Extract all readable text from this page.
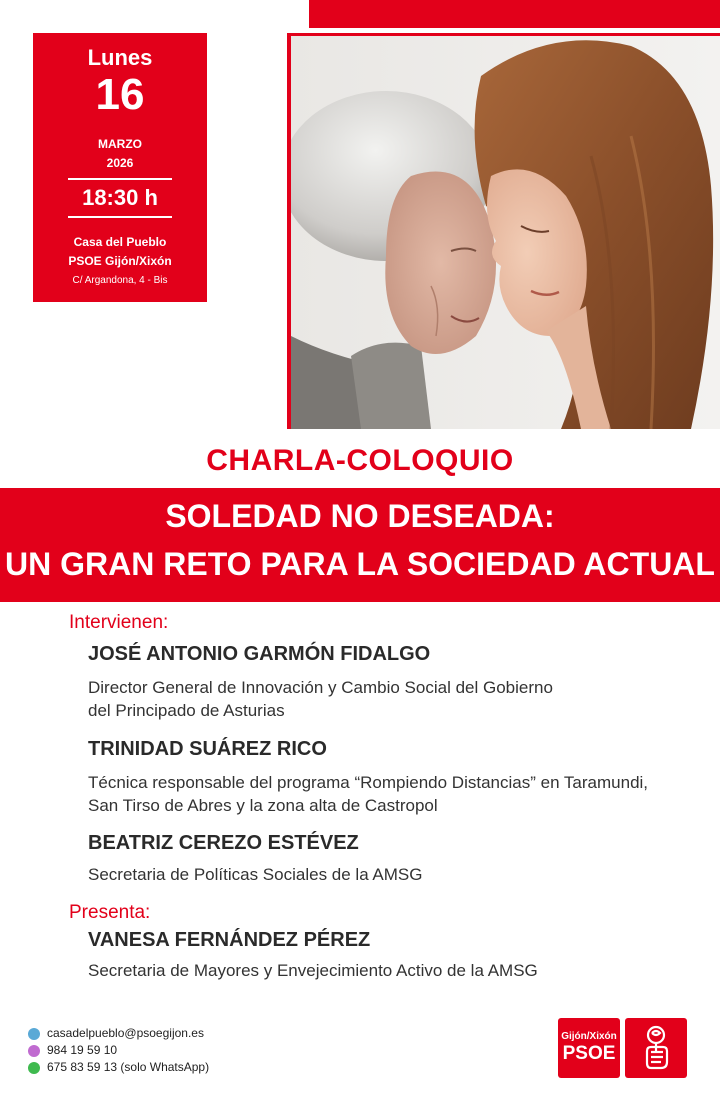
Lunes
16
MARZO
2026
18:30 h
Casa del Pueblo
PSOE Gijón/Xixón
C/ Argandona, 4 - Bis
CHARLA-COLOQUIO
SOLEDAD NO DESEADA:
UN GRAN RETO PARA LA SOCIEDAD ACTUAL
Intervienen:
JOSÉ ANTONIO GARMÓN FIDALGO
Director General de Innovación y Cambio Social del Gobierno
del Principado de Asturias
TRINIDAD SUÁREZ RICO
Técnica responsable del programa “Rompiendo Distancias” en Taramundi,
San Tirso de Abres y la zona alta de Castropol
BEATRIZ CEREZO ESTÉVEZ
Secretaria de Políticas Sociales de la AMSG
Presenta:
VANESA FERNÁNDEZ PÉREZ
Secretaria de Mayores y Envejecimiento Activo de la AMSG
casadelpueblo@psoegijon.es
984 19 59 10
675 83 59 13 (solo WhatsApp)
Gijón/Xixón
PSOE
